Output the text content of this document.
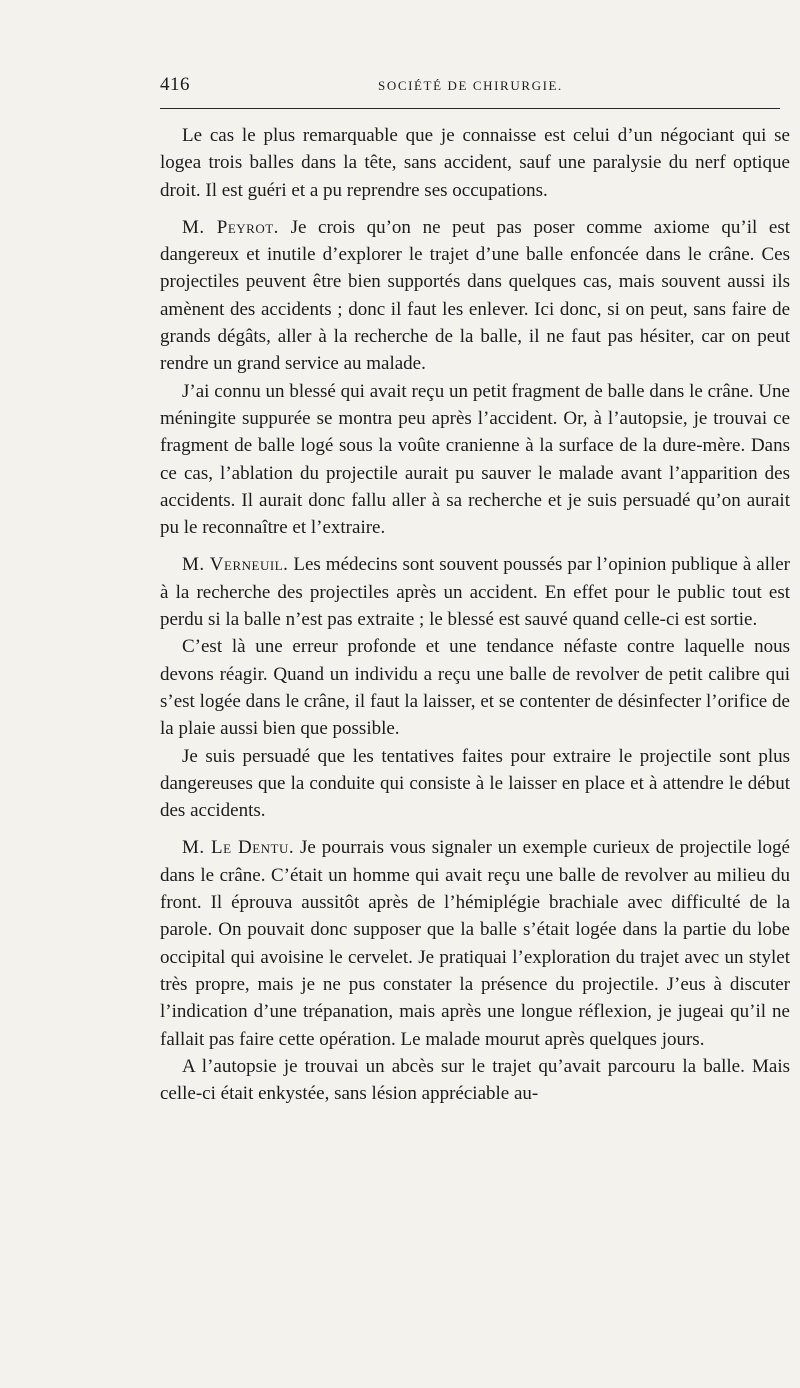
416	SOCIÉTÉ DE CHIRURGIE.

Le cas le plus remarquable que je connaisse est celui d’un négociant qui se logea trois balles dans la tête, sans accident, sauf une paralysie du nerf optique droit. Il est guéri et a pu reprendre ses occupations.

M. Peyrot. Je crois qu’on ne peut pas poser comme axiome qu’il est dangereux et inutile d’explorer le trajet d’une balle enfoncée dans le crâne. Ces projectiles peuvent être bien supportés dans quelques cas, mais souvent aussi ils amènent des accidents ; donc il faut les enlever. Ici donc, si on peut, sans faire de grands dégâts, aller à la recherche de la balle, il ne faut pas hésiter, car on peut rendre un grand service au malade.

J’ai connu un blessé qui avait reçu un petit fragment de balle dans le crâne. Une méningite suppurée se montra peu après l’accident. Or, à l’autopsie, je trouvai ce fragment de balle logé sous la voûte cranienne à la surface de la dure-mère. Dans ce cas, l’ablation du projectile aurait pu sauver le malade avant l’apparition des accidents. Il aurait donc fallu aller à sa recherche et je suis persuadé qu’on aurait pu le reconnaître et l’extraire.

M. Verneuil. Les médecins sont souvent poussés par l’opinion publique à aller à la recherche des projectiles après un accident. En effet pour le public tout est perdu si la balle n’est pas extraite ; le blessé est sauvé quand celle-ci est sortie.

C’est là une erreur profonde et une tendance néfaste contre laquelle nous devons réagir. Quand un individu a reçu une balle de revolver de petit calibre qui s’est logée dans le crâne, il faut la laisser, et se contenter de désinfecter l’orifice de la plaie aussi bien que possible.

Je suis persuadé que les tentatives faites pour extraire le projectile sont plus dangereuses que la conduite qui consiste à le laisser en place et à attendre le début des accidents.

M. Le Dentu. Je pourrais vous signaler un exemple curieux de projectile logé dans le crâne. C’était un homme qui avait reçu une balle de revolver au milieu du front. Il éprouva aussitôt après de l’hémiplégie brachiale avec difficulté de la parole. On pouvait donc supposer que la balle s’était logée dans la partie du lobe occipital qui avoisine le cervelet. Je pratiquai l’exploration du trajet avec un stylet très propre, mais je ne pus constater la présence du projectile. J’eus à discuter l’indication d’une trépanation, mais après une longue réflexion, je jugeai qu’il ne fallait pas faire cette opération. Le malade mourut après quelques jours.

A l’autopsie je trouvai un abcès sur le trajet qu’avait parcouru la balle. Mais celle-ci était enkystée, sans lésion appréciable au-
